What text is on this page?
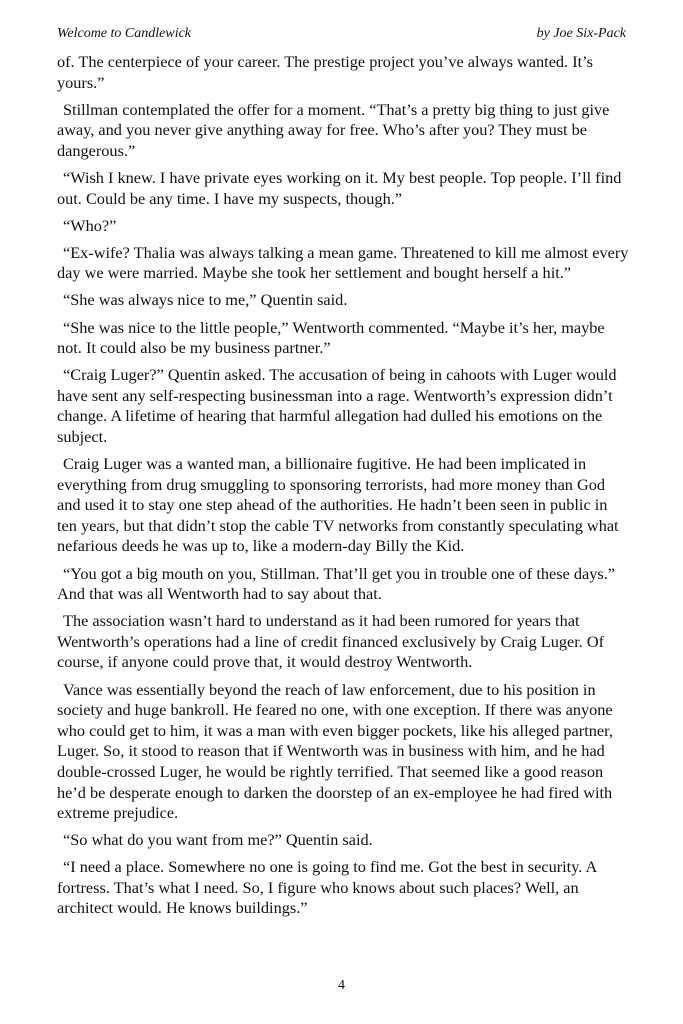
Welcome to Candlewick	by Joe Six-Pack

of. The centerpiece of your career. The prestige project you’ve always wanted. It’s yours.”

Stillman contemplated the offer for a moment. “That’s a pretty big thing to just give away, and you never give anything away for free. Who’s after you? They must be dangerous.”

“Wish I knew. I have private eyes working on it. My best people. Top people. I’ll find out. Could be any time. I have my suspects, though.”

“Who?”

“Ex-wife? Thalia was always talking a mean game. Threatened to kill me almost every day we were married. Maybe she took her settlement and bought herself a hit.”

“She was always nice to me,” Quentin said.

“She was nice to the little people,” Wentworth commented. “Maybe it’s her, maybe not. It could also be my business partner.”

“Craig Luger?” Quentin asked. The accusation of being in cahoots with Luger would have sent any self-respecting businessman into a rage. Wentworth’s expression didn’t change. A lifetime of hearing that harmful allegation had dulled his emotions on the subject.

Craig Luger was a wanted man, a billionaire fugitive. He had been implicated in everything from drug smuggling to sponsoring terrorists, had more money than God and used it to stay one step ahead of the authorities. He hadn’t been seen in public in ten years, but that didn’t stop the cable TV networks from constantly speculating what nefarious deeds he was up to, like a modern-day Billy the Kid.

“You got a big mouth on you, Stillman. That’ll get you in trouble one of these days.” And that was all Wentworth had to say about that.

The association wasn’t hard to understand as it had been rumored for years that Wentworth’s operations had a line of credit financed exclusively by Craig Luger. Of course, if anyone could prove that, it would destroy Wentworth.

Vance was essentially beyond the reach of law enforcement, due to his position in society and huge bankroll. He feared no one, with one exception. If there was anyone who could get to him, it was a man with even bigger pockets, like his alleged partner, Luger. So, it stood to reason that if Wentworth was in business with him, and he had double-crossed Luger, he would be rightly terrified. That seemed like a good reason he’d be desperate enough to darken the doorstep of an ex-employee he had fired with extreme prejudice.

“So what do you want from me?” Quentin said.

“I need a place. Somewhere no one is going to find me. Got the best in security. A fortress. That’s what I need. So, I figure who knows about such places? Well, an architect would. He knows buildings.”

4
